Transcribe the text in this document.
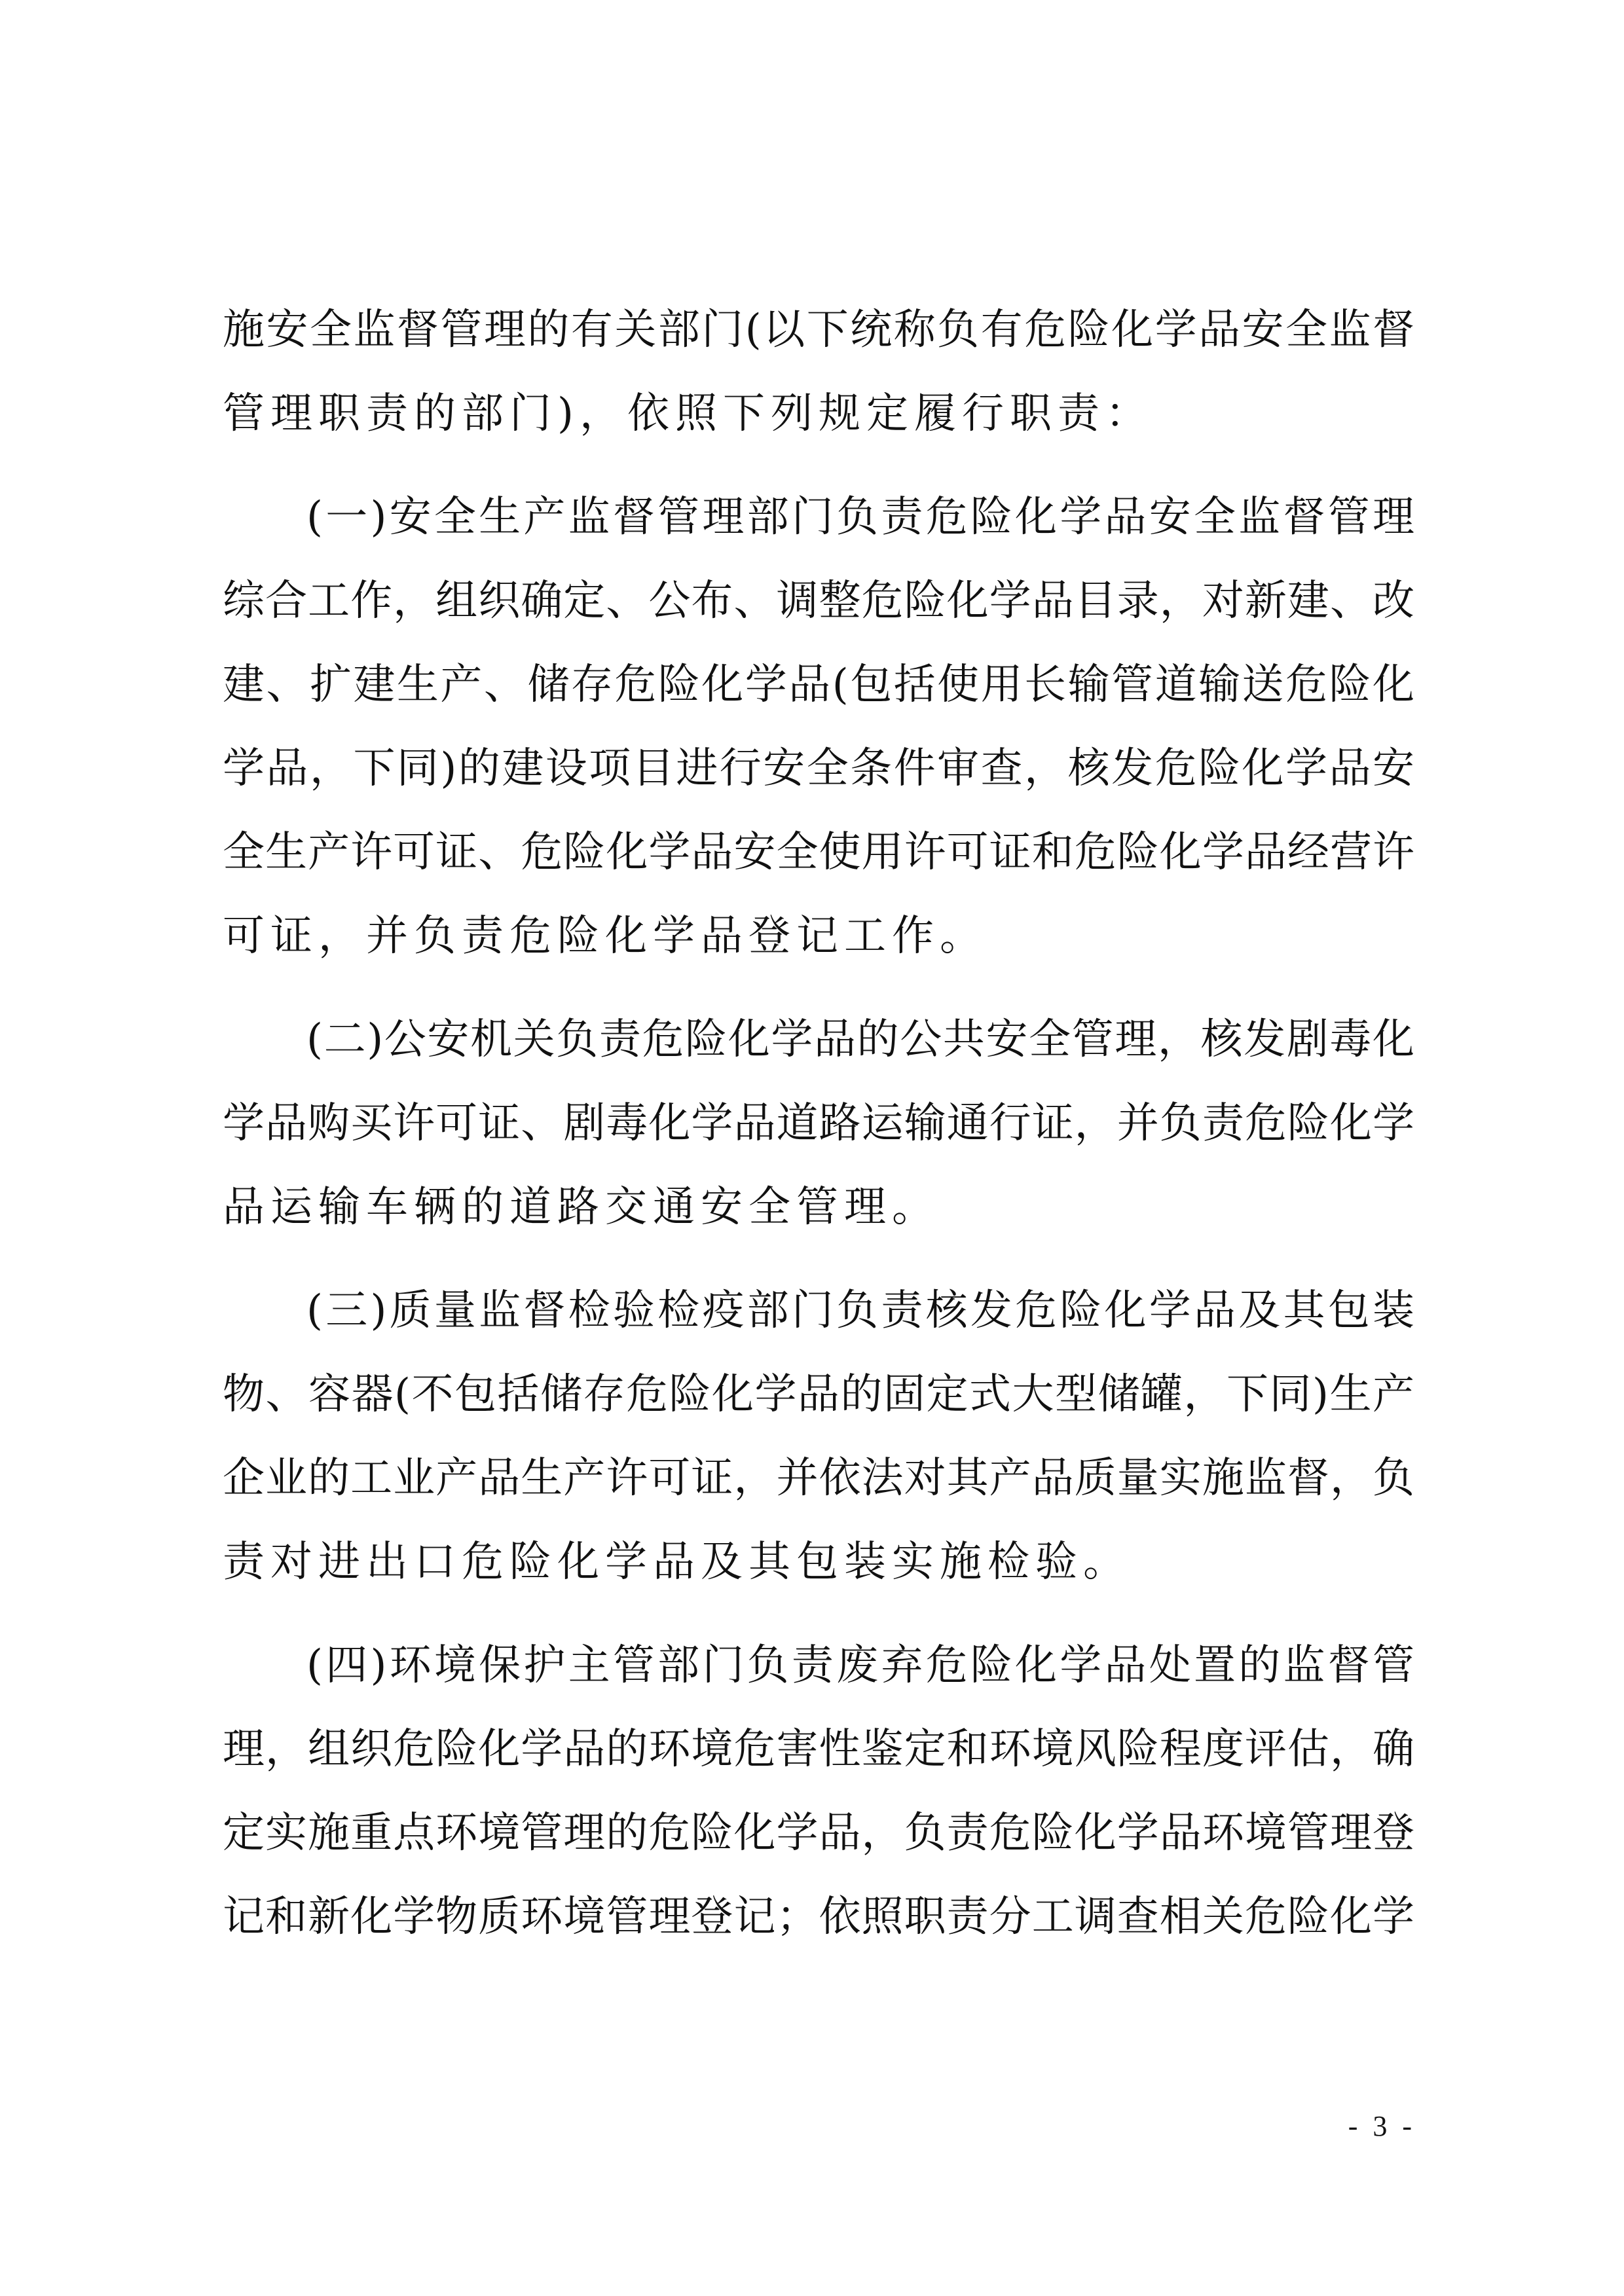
施安全监督管理的有关部门(以下统称负有危险化学品安全监督
管理职责的部门)，依照下列规定履行职责：
(一)安全生产监督管理部门负责危险化学品安全监督管理
综合工作，组织确定、公布、调整危险化学品目录，对新建、改
建、扩建生产、储存危险化学品(包括使用长输管道输送危险化
学品，下同)的建设项目进行安全条件审查，核发危险化学品安
全生产许可证、危险化学品安全使用许可证和危险化学品经营许
可证，并负责危险化学品登记工作。
(二)公安机关负责危险化学品的公共安全管理，核发剧毒化
学品购买许可证、剧毒化学品道路运输通行证，并负责危险化学
品运输车辆的道路交通安全管理。
(三)质量监督检验检疫部门负责核发危险化学品及其包装
物、容器(不包括储存危险化学品的固定式大型储罐，下同)生产
企业的工业产品生产许可证，并依法对其产品质量实施监督，负
责对进出口危险化学品及其包装实施检验。
(四)环境保护主管部门负责废弃危险化学品处置的监督管
理，组织危险化学品的环境危害性鉴定和环境风险程度评估，确
定实施重点环境管理的危险化学品，负责危险化学品环境管理登
记和新化学物质环境管理登记；依照职责分工调查相关危险化学
- 3 -
